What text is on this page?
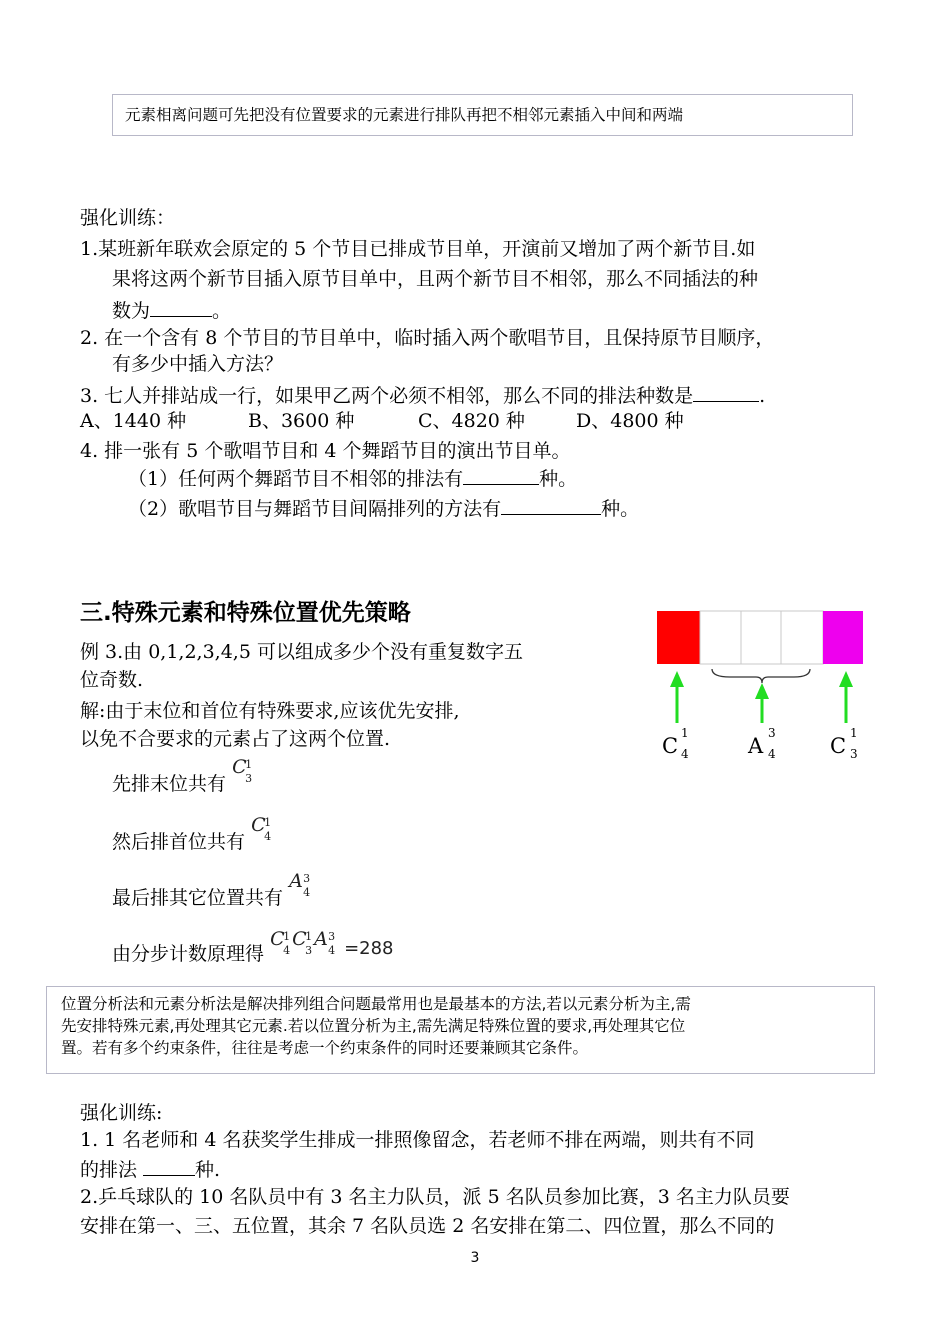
元素相离问题可先把没有位置要求的元素进行排队再把不相邻元素插入中间和两端
强化训练：
1.某班新年联欢会原定的 5 个节目已排成节目单，开演前又增加了两个新节目.如
果将这两个新节目插入原节目单中，且两个新节目不相邻，那么不同插法的种
数为	。
2. 在一个含有 8 个节目的节目单中，临时插入两个歌唱节目，且保持原节目顺序，
有多少中插入方法？
3. 七人并排站成一行，如果甲乙两个必须不相邻，那么不同的排法种数是	.
A、1440 种	B、3600 种	C、4820 种	D、4800 种
4. 排一张有 5 个歌唱节目和 4 个舞蹈节目的演出节目单。
（1）任何两个舞蹈节目不相邻的排法有	种。
（2）歌唱节目与舞蹈节目间隔排列的方法有	种。
三.特殊元素和特殊位置优先策略
例 3.由 0,1,2,3,4,5 可以组成多少个没有重复数字五
位奇数.
解:由于末位和首位有特殊要求,应该优先安排,
以免不合要求的元素占了这两个位置.
先排末位共有
C
1
3
然后排首位共有
C
1
4
最后排其它位置共有
A 3
4
由分步计数原理得
C
1
4
C
1
3
A 3
4 =288
C
1
4	A
3
4	C
1
3
位置分析法和元素分析法是解决排列组合问题最常用也是最基本的方法,若以元素分析为主,需
先安排特殊元素,再处理其它元素.若以位置分析为主,需先满足特殊位置的要求,再处理其它位
置。若有多个约束条件，往往是考虑一个约束条件的同时还要兼顾其它条件。
强化训练:
1. 1 名老师和 4 名获奖学生排成一排照像留念，若老师不排在两端，则共有不同
的排法	种.
2.乒乓球队的 10 名队员中有 3 名主力队员，派 5 名队员参加比赛，3 名主力队员要
安排在第一、三、五位置，其余 7 名队员选 2 名安排在第二、四位置，那么不同的
3
